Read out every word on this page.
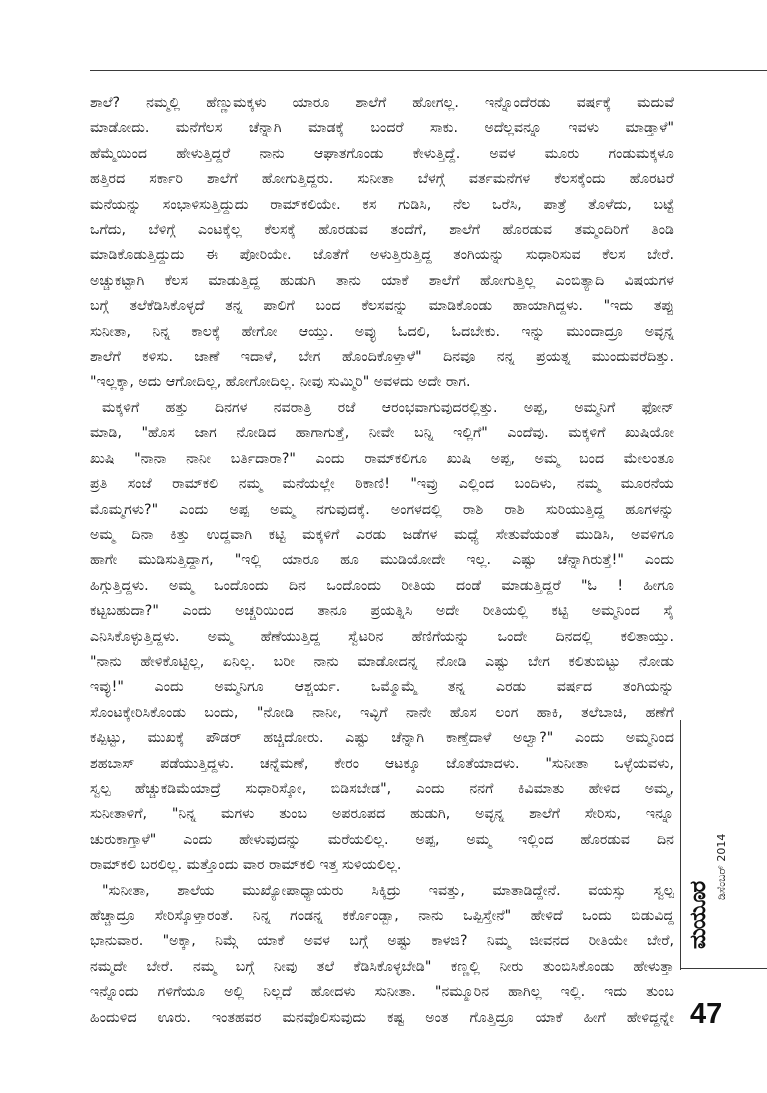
ಶಾಲೆ? ನಮ್ಮಲ್ಲಿ ಹೆಣ್ಣುಮಕ್ಕಳು ಯಾರೂ ಶಾಲೆಗೆ ಹೋಗಲ್ಲ. ಇನ್ನೊಂದೆರಡು ವರ್ಷಕ್ಕೆ ಮದುವೆ

ಮಾಡೋದು. ಮನೆಗೆಲಸ ಚೆನ್ನಾಗಿ ಮಾಡಕ್ಕೆ ಬಂದರೆ ಸಾಕು. ಅದೆಲ್ಲವನ್ನೂ ಇವಳು ಮಾಡ್ತಾಳೆ"

ಹೆಮ್ಮೆಯಿಂದ ಹೇಳುತ್ತಿದ್ದರೆ ನಾನು ಆಘಾತಗೊಂಡು ಕೇಳುತ್ತಿದ್ದೆ. ಅವಳ ಮೂರು ಗಂಡುಮಕ್ಕಳೂ

ಹತ್ತಿರದ ಸರ್ಕಾರಿ ಶಾಲೆಗೆ ಹೋಗುತ್ತಿದ್ದರು. ಸುನೀತಾ ಬೆಳಗ್ಗೆ ವರ್ತಮನೆಗಳ ಕೆಲಸಕ್ಕೆಂದು ಹೊರಟರೆ

ಮನೆಯನ್ನು ಸಂಭಾಳಿಸುತ್ತಿದ್ದುದು ರಾಮ್‌ಕಲಿಯೇ. ಕಸ ಗುಡಿಸಿ, ನೆಲ ಒರೆಸಿ, ಪಾತ್ರೆ ತೊಳೆದು, ಬಟ್ಟೆ

ಒಗೆದು, ಬೆಳಿಗ್ಗೆ ಎಂಟಕ್ಕೆಲ್ಲ ಕೆಲಸಕ್ಕೆ ಹೊರಡುವ ತಂದೆಗೆ, ಶಾಲೆಗೆ ಹೊರಡುವ ತಮ್ಮಂದಿರಿಗೆ ತಿಂಡಿ

ಮಾಡಿಕೊಡುತ್ತಿದ್ದುದು ಈ ಪೋರಿಯೇ. ಜೊತೆಗೆ ಅಳುತ್ತಿರುತ್ತಿದ್ದ ತಂಗಿಯನ್ನು ಸುಧಾರಿಸುವ ಕೆಲಸ ಬೇರೆ.

ಅಚ್ಚುಕಟ್ಟಾಗಿ ಕೆಲಸ ಮಾಡುತ್ತಿದ್ದ ಹುಡುಗಿ ತಾನು ಯಾಕೆ ಶಾಲೆಗೆ ಹೋಗುತ್ತಿಲ್ಲ ಎಂಬಿತ್ಯಾದಿ ವಿಷಯಗಳ

ಬಗ್ಗೆ ತಲೆಕೆಡಿಸಿಕೊಳ್ಳದೆ ತನ್ನ ಪಾಲಿಗೆ ಬಂದ ಕೆಲಸವನ್ನು ಮಾಡಿಕೊಂಡು ಹಾಯಾಗಿದ್ದಳು. "ಇದು ತಪ್ಪು

ಸುನೀತಾ, ನಿನ್ನ ಕಾಲಕ್ಕೆ ಹೇಗೋ ಆಯ್ತು. ಅವ್ಳು ಓದಲಿ, ಓದಬೇಕು. ಇನ್ನು ಮುಂದಾದ್ರೂ ಅವ್ಳನ್ನ

ಶಾಲೆಗೆ ಕಳಿಸು. ಜಾಣೆ ಇದಾಳೆ, ಬೇಗ ಹೊಂದಿಕೊಳ್ತಾಳೆ" ದಿನವೂ ನನ್ನ ಪ್ರಯತ್ನ ಮುಂದುವರೆದಿತ್ತು.

"ಇಲ್ಲಕ್ಕಾ, ಅದು ಆಗೋದಿಲ್ಲ, ಹೋಗೋದಿಲ್ಲ. ನೀವು ಸುಮ್ಮಿರಿ" ಅವಳದು ಅದೇ ರಾಗ.

ಮಕ್ಕಳಿಗೆ ಹತ್ತು ದಿನಗಳ ನವರಾತ್ರಿ ರಜೆ ಆರಂಭವಾಗುವುದರಲ್ಲಿತ್ತು. ಅಪ್ಪ, ಅಮ್ಮನಿಗೆ ಫೋನ್

ಮಾಡಿ, "ಹೊಸ ಜಾಗ ನೋಡಿದ ಹಾಗಾಗುತ್ತೆ, ನೀವೇ ಬನ್ನಿ ಇಲ್ಲಿಗೆ" ಎಂದೆವು. ಮಕ್ಕಳಿಗೆ ಖುಷಿಯೋ

ಖುಷಿ "ನಾನಾ ನಾನೀ ಬರ್ತಿದಾರಾ?" ಎಂದು ರಾಮ್‌ಕಲಿಗೂ ಖುಷಿ ಅಪ್ಪ, ಅಮ್ಮ ಬಂದ ಮೇಲಂತೂ

ಪ್ರತಿ ಸಂಜೆ ರಾಮ್‌ಕಲಿ ನಮ್ಮ ಮನೆಯಲ್ಲೇ ಠಿಕಾಣಿ! "ಇವ್ರು ಎಲ್ಲಿಂದ ಬಂದಿಳು, ನಮ್ಮ ಮೂರನೆಯ

ಮೊಮ್ಮಗಳು?" ಎಂದು ಅಪ್ಪ ಅಮ್ಮ ನಗುವುದಕ್ಕೆ. ಅಂಗಳದಲ್ಲಿ ರಾಶಿ ರಾಶಿ ಸುರಿಯುತ್ತಿದ್ದ ಹೂಗಳನ್ನು

ಅಮ್ಮ ದಿನಾ ಕಿತ್ತು ಉದ್ದವಾಗಿ ಕಟ್ಟಿ ಮಕ್ಕಳಿಗೆ ಎರಡು ಜಡೆಗಳ ಮಧ್ಯೆ ಸೇತುವೆಯಂತೆ ಮುಡಿಸಿ, ಅವಳಿಗೂ

ಹಾಗೇ ಮುಡಿಸುತ್ತಿದ್ದಾಗ, "ಇಲ್ಲಿ ಯಾರೂ ಹೂ ಮುಡಿಯೋದೇ ಇಲ್ಲ. ಎಷ್ಟು ಚೆನ್ನಾಗಿರುತ್ತೆ!" ಎಂದು

ಹಿಗ್ಗುತ್ತಿದ್ದಳು. ಅಮ್ಮ ಒಂದೊಂದು ದಿನ ಒಂದೊಂದು ರೀತಿಯ ದಂಡೆ ಮಾಡುತ್ತಿದ್ದರೆ "ಓ ! ಹೀಗೂ

ಕಟ್ಟಬಹುದಾ?" ಎಂದು ಅಚ್ಚರಿಯಿಂದ ತಾನೂ ಪ್ರಯತ್ನಿಸಿ ಅದೇ ರೀತಿಯಲ್ಲಿ ಕಟ್ಟಿ ಅಮ್ಮನಿಂದ ಸೈ

ಎನಿಸಿಕೊಳ್ಳುತ್ತಿದ್ದಳು. ಅಮ್ಮ ಹೆಣೆಯುತ್ತಿದ್ದ ಸ್ವೆಟರಿನ ಹೆಣಿಗೆಯನ್ನು ಒಂದೇ ದಿನದಲ್ಲಿ ಕಲಿತಾಯ್ತು.

"ನಾನು ಹೇಳಿಕೊಟ್ಟಿಲ್ಲ, ಏನಿಲ್ಲ. ಬರೀ ನಾನು ಮಾಡೋದನ್ನ ನೋಡಿ ಎಷ್ಟು ಬೇಗ ಕಲಿತುಬಿಟ್ಟು ನೋಡು

ಇವ್ಳು!" ಎಂದು ಅಮ್ಮನಿಗೂ ಆಶ್ಚರ್ಯ. ಒಮ್ಮೊಮ್ಮೆ ತನ್ನ ಎರಡು ವರ್ಷದ ತಂಗಿಯನ್ನು

ಸೊಂಟಕ್ಕೇರಿಸಿಕೊಂಡು ಬಂದು, "ನೋಡಿ ನಾನೀ, ಇವ್ಳಿಗೆ ನಾನೇ ಹೊಸ ಲಂಗ ಹಾಕಿ, ತಲೆಬಾಚಿ, ಹಣೆಗೆ

ಕಪ್ಪಿಟ್ಟು, ಮುಖಕ್ಕೆ ಪೌಡರ್ ಹಚ್ಚಿದೋರು. ಎಷ್ಟು ಚೆನ್ನಾಗಿ ಕಾಣ್ತೆದಾಳೆ ಅಲ್ವಾ?" ಎಂದು ಅಮ್ಮನಿಂದ

ಶಹಬಾಸ್ ಪಡೆಯುತ್ತಿದ್ದಳು. ಚನ್ನೆಮಣೆ, ಕೇರಂ ಆಟಕ್ಕೂ ಜೊತೆಯಾದಳು. "ಸುನೀತಾ ಒಳ್ಳೆಯವಳು,

ಸ್ವಲ್ಪ ಹೆಚ್ಚುಕಡಿಮೆಯಾದ್ರೆ ಸುಧಾರಿಸ್ಕೋ, ಬಿಡಿಸಬೇಡ", ಎಂದು ನನಗೆ ಕಿವಿಮಾತು ಹೇಳಿದ ಅಮ್ಮ,

ಸುನೀತಾಳಿಗೆ, "ನಿನ್ನ ಮಗಳು ತುಂಬ ಅಪರೂಪದ ಹುಡುಗಿ, ಅವ್ಳನ್ನ ಶಾಲೆಗೆ ಸೇರಿಸು, ಇನ್ನೂ

ಚುರುಕಾಗ್ತಾಳೆ" ಎಂದು ಹೇಳುವುದನ್ನು ಮರೆಯಲಿಲ್ಲ. ಅಪ್ಪ, ಅಮ್ಮ ಇಲ್ಲಿಂದ ಹೊರಡುವ ದಿನ

ರಾಮ್‌ಕಲಿ ಬರಲಿಲ್ಲ. ಮತ್ತೊಂದು ವಾರ ರಾಮ್‌ಕಲಿ ಇತ್ತ ಸುಳಿಯಲಿಲ್ಲ.

"ಸುನೀತಾ, ಶಾಲೆಯ ಮುಖ್ಯೋಪಾಧ್ಯಾಯರು ಸಿಕ್ಕಿದ್ರು ಇವತ್ತು, ಮಾತಾಡಿದ್ದೇನೆ. ವಯಸ್ಸು ಸ್ವಲ್ಪ

ಹೆಚ್ಚಾದ್ರೂ ಸೇರಿಸ್ಕೊಳ್ತಾರಂತೆ. ನಿನ್ನ ಗಂಡನ್ನ ಕರ್ಕೊಂಡ್ಬಾ, ನಾನು ಒಪ್ಪಿಸ್ತೇನೆ" ಹೇಳಿದೆ ಒಂದು ಬಿಡುವಿದ್ದ

ಭಾನುವಾರ. "ಅಕ್ಕಾ, ನಿಮ್ಗೆ ಯಾಕೆ ಅವಳ ಬಗ್ಗೆ ಅಷ್ಟು ಕಾಳಜಿ? ನಿಮ್ಮ ಜೀವನದ ರೀತಿಯೇ ಬೇರೆ,

ನಮ್ಮದೇ ಬೇರೆ. ನಮ್ಮ ಬಗ್ಗೆ ನೀವು ತಲೆ ಕೆಡಿಸಿಕೊಳ್ಳಬೇಡಿ" ಕಣ್ಣಲ್ಲಿ ನೀರು ತುಂಬಿಸಿಕೊಂಡು ಹೇಳುತ್ತಾ

ಇನ್ನೊಂದು ಗಳಿಗೆಯೂ ಅಲ್ಲಿ ನಿಲ್ಲದೆ ಹೋದಳು ಸುನೀತಾ. "ನಮ್ಮೂರಿನ ಹಾಗಿಲ್ಲ ಇಲ್ಲಿ. ಇದು ತುಂಬ

ಹಿಂದುಳಿದ ಊರು. ಇಂತಹವರ ಮನವೊಲಿಸುವುದು ಕಷ್ಟ ಅಂತ ಗೊತ್ತಿದ್ರೂ ಯಾಕೆ ಹೀಗೆ ಹೇಳಿದ್ದನ್ನೇ

ಮಯೂರ
ಡಿಸೆಂಬರ್ 2014
47
